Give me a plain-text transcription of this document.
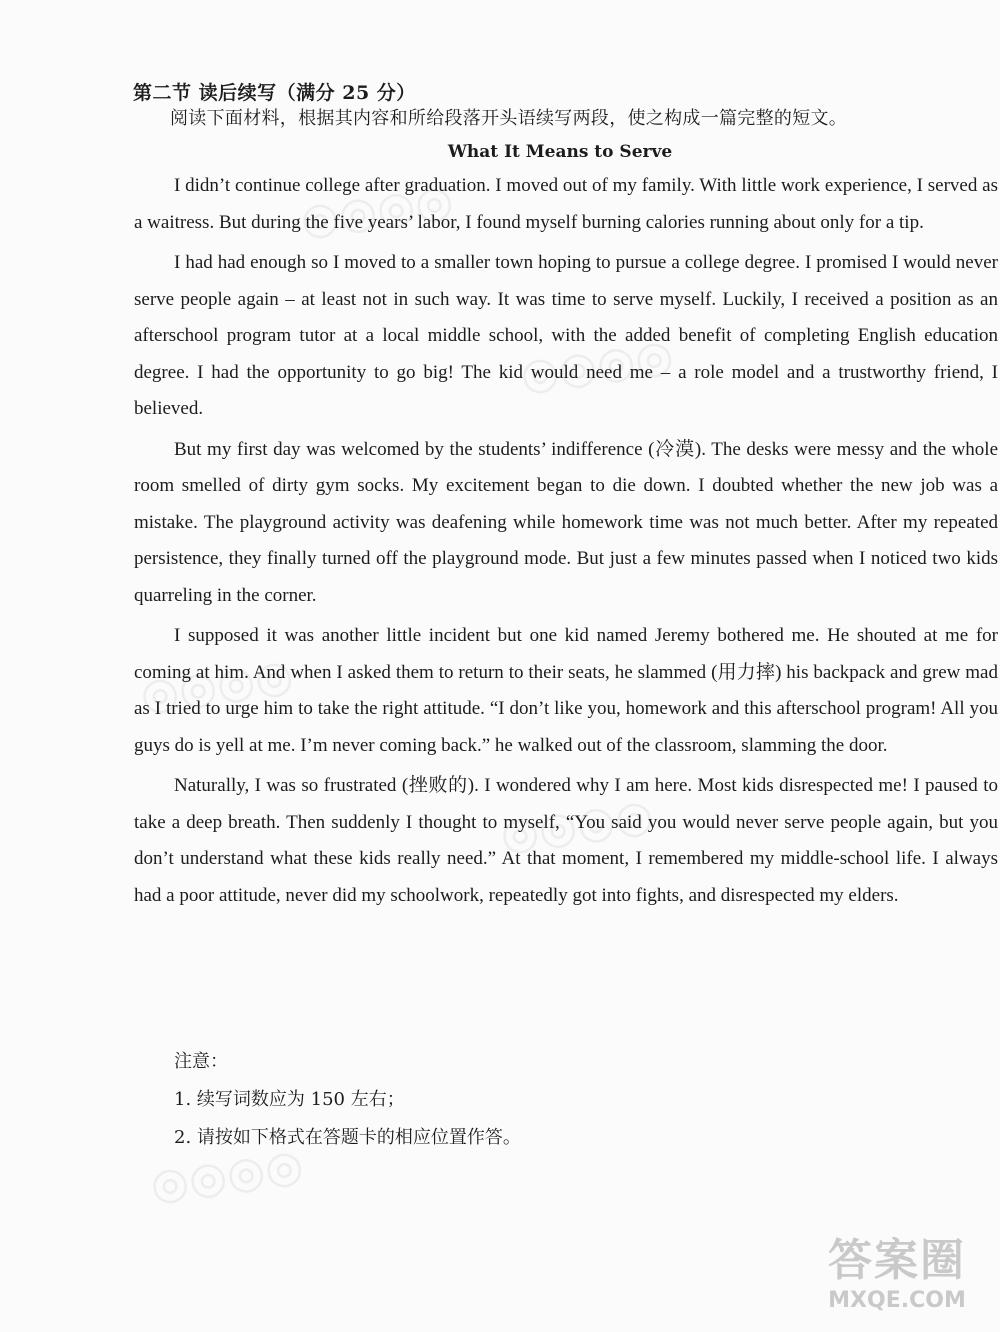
◎◎◎◎
◎◎◎◎
◎◎◎◎
◎◎◎◎
◎◎◎◎
第二节 读后续写（满分 25 分）
阅读下面材料，根据其内容和所给段落开头语续写两段，使之构成一篇完整的短文。
What It Means to Serve

I didn’t continue college after graduation. I moved out of my family. With little work experience, I served as a waitress. But during the five years’ labor, I found myself burning calories running about only for a tip.

I had had enough so I moved to a smaller town hoping to pursue a college degree. I promised I would never serve people again – at least not in such way. It was time to serve myself. Luckily, I received a position as an afterschool program tutor at a local middle school, with the added benefit of completing English education degree. I had the opportunity to go big! The kid would need me – a role model and a trustworthy friend, I believed.

But my first day was welcomed by the students’ indifference (冷漠). The desks were messy and the whole room smelled of dirty gym socks. My excitement began to die down. I doubted whether the new job was a mistake. The playground activity was deafening while homework time was not much better. After my repeated persistence, they finally turned off the playground mode. But just a few minutes passed when I noticed two kids quarreling in the corner.

I supposed it was another little incident but one kid named Jeremy bothered me. He shouted at me for coming at him. And when I asked them to return to their seats, he slammed (用力摔) his backpack and grew mad as I tried to urge him to take the right attitude. “I don’t like you, homework and this afterschool program! All you guys do is yell at me. I’m never coming back.” he walked out of the classroom, slamming the door.

Naturally, I was so frustrated (挫败的). I wondered why I am here. Most kids disrespected me! I paused to take a deep breath. Then suddenly I thought to myself, “You said you would never serve people again, but you don’t understand what these kids really need.” At that moment, I remembered my middle-school life. I always had a poor attitude, never did my schoolwork, repeatedly got into fights, and disrespected my elders.

注意：
1. 续写词数应为 150 左右；
2. 请按如下格式在答题卡的相应位置作答。
答案圈
MXQE.COM
